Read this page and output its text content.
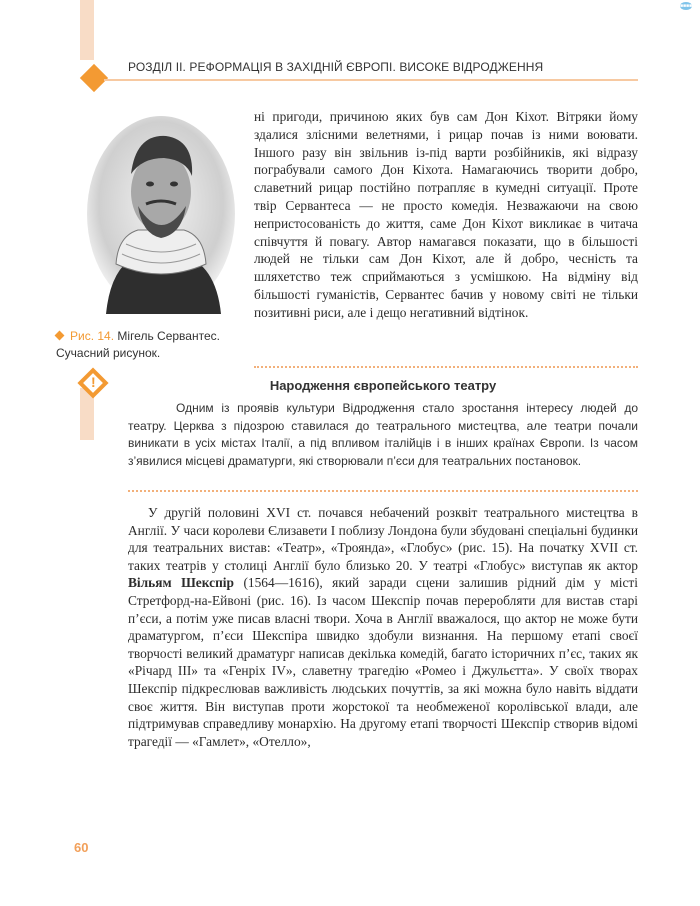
РОЗДІЛ ІІ. РЕФОРМАЦІЯ В ЗАХІДНІЙ ЄВРОПІ. ВИСОКЕ ВІДРОДЖЕННЯ
■■■■
Рис. 14. Мігель Сервантес. Сучасний рисунок.
ні пригоди, причиною яких був сам Дон Кіхот. Вітряки йому здалися злісними велетнями, і рицар почав із ними воювати. Іншого разу він звільнив із-під варти розбійників, які відразу пограбували самого Дон Кіхота. Намагаючись творити добро, славетний рицар постійно потрапляє в кумедні ситуації. Проте твір Сервантеса — не просто комедія. Незважаючи на свою непристосованість до життя, саме Дон Кіхот викликає в читача співчуття й повагу. Автор намагався показати, що в більшості людей не тільки сам Дон Кіхот, але й добро, чесність та шляхетство теж сприймаються з усмішкою. На відміну від більшості гуманістів, Сервантес бачив у новому світі не тільки позитивні риси, але і дещо негативний відтінок.
!	Народження європейського театру
Одним із проявів культури Відродження стало зростання інтересу людей до театру. Церква з підозрою ставилася до театрального мистецтва, але театри почали виникати в усіх містах Італії, а під впливом італійців і в інших країнах Європи. Із часом з’явилися місцеві драматурги, які створювали п’єси для театральних постановок.
У другій половині XVI ст. почався небачений розквіт театрального мистецтва в Англії. У часи королеви Єлизавети І поблизу Лондона були збудовані спеціальні будинки для театральних вистав: «Театр», «Троянда», «Глобус» (рис. 15). На початку XVII ст. таких театрів у столиці Англії було близько 20. У театрі «Глобус» виступав як актор Вільям Шекспір (1564—1616), який заради сцени залишив рідний дім у місті Стретфорд-на-Ейвоні (рис. 16). Із часом Шекспір почав переробляти для вистав старі п’єси, а потім уже писав власні твори. Хоча в Англії вважалося, що актор не може бути драматургом, п’єси Шекспіра швидко здобули визнання. На першому етапі своєї творчості великий драматург написав декілька комедій, багато історичних п’єс, таких як «Річард ІІІ» та «Генріх IV», славетну трагедію «Ромео і Джульєтта». У своїх творах Шекспір підкреслював важливість людських почуттів, за які можна було навіть віддати своє життя. Він виступав проти жорстокої та необмеженої королівської влади, але підтримував справедливу монархію. На другому етапі творчості Шекспір створив відомі трагедії — «Гамлет», «Отелло»,
60
